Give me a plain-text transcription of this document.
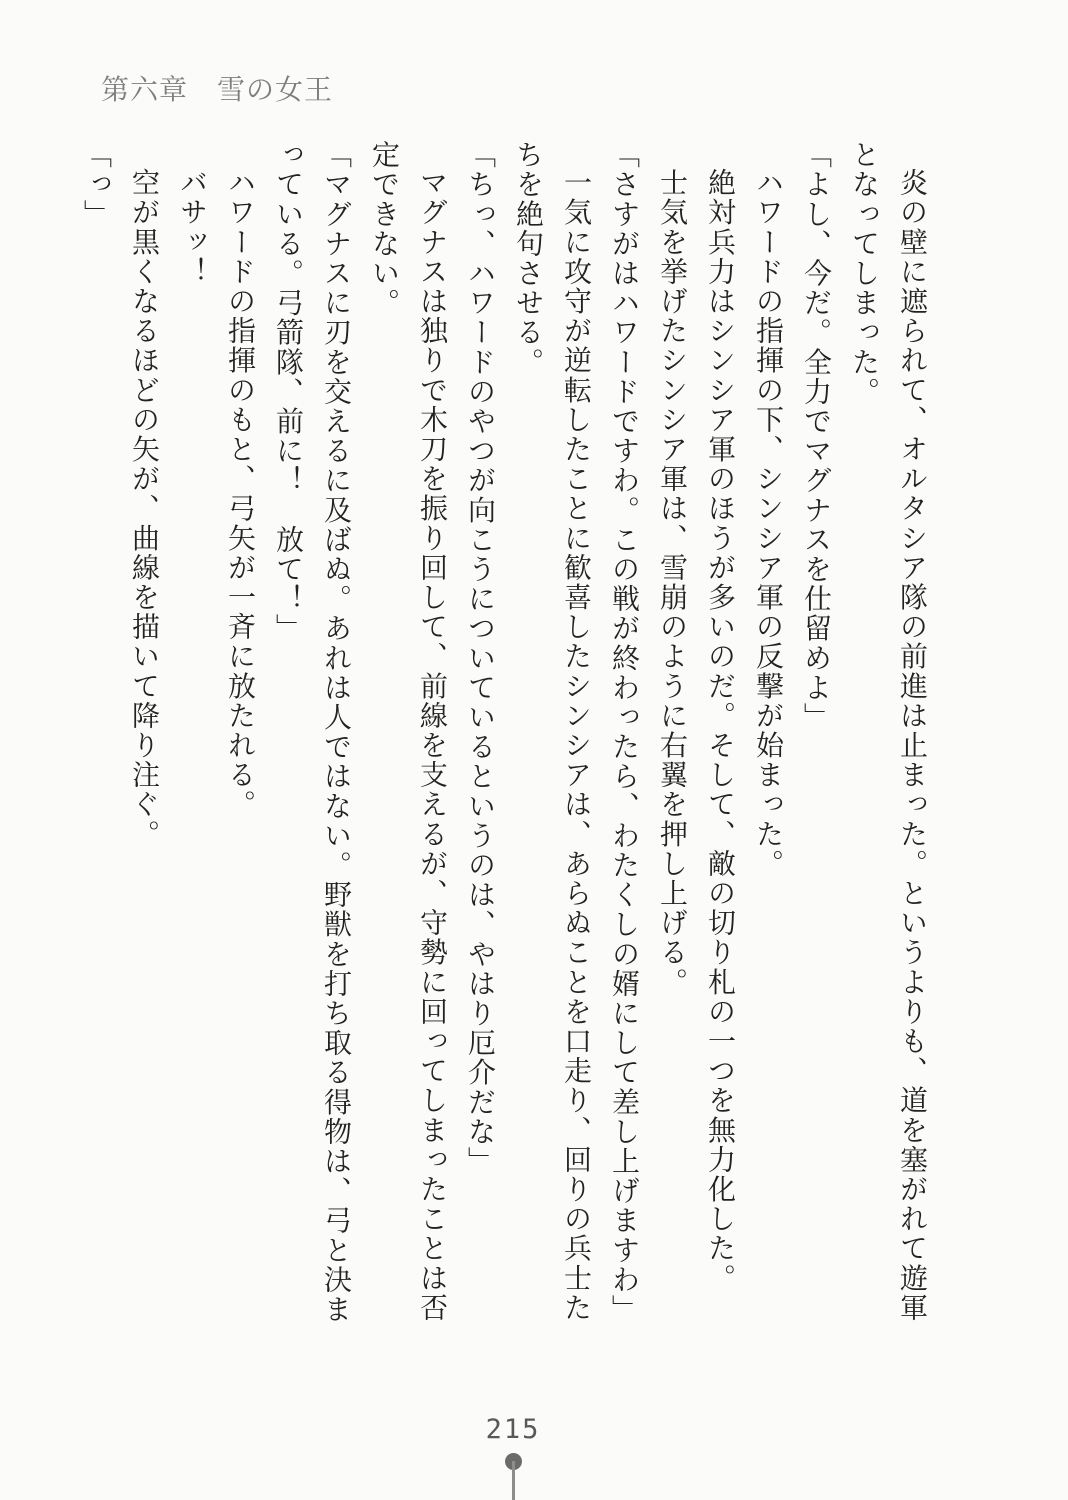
第六章　雪の女王

炎の壁に遮られて、オルタシア隊の前進は止まった。というよりも、道を塞がれて遊軍となってしまった。

「よし、今だ。全力でマグナスを仕留めよ」

ハワードの指揮の下、シンシア軍の反撃が始まった。

絶対兵力はシンシア軍のほうが多いのだ。そして、敵の切り札の一つを無力化した。

士気を挙げたシンシア軍は、雪崩のように右翼を押し上げる。

「さすがはハワードですわ。この戦が終わったら、わたくしの婿にして差し上げますわ」

一気に攻守が逆転したことに歓喜したシンシアは、あらぬことを口走り、回りの兵士たちを絶句させる。

「ちっ、ハワードのやつが向こうについているというのは、やはり厄介だな」

マグナスは独りで木刀を振り回して、前線を支えるが、守勢に回ってしまったことは否定できない。

「マグナスに刃を交えるに及ばぬ。あれは人ではない。野獣を打ち取る得物は、弓と決まっている。弓箭隊、前に！　放て！」

ハワードの指揮のもと、弓矢が一斉に放たれる。

バサッ！

空が黒くなるほどの矢が、曲線を描いて降り注ぐ。

「っ」

215
